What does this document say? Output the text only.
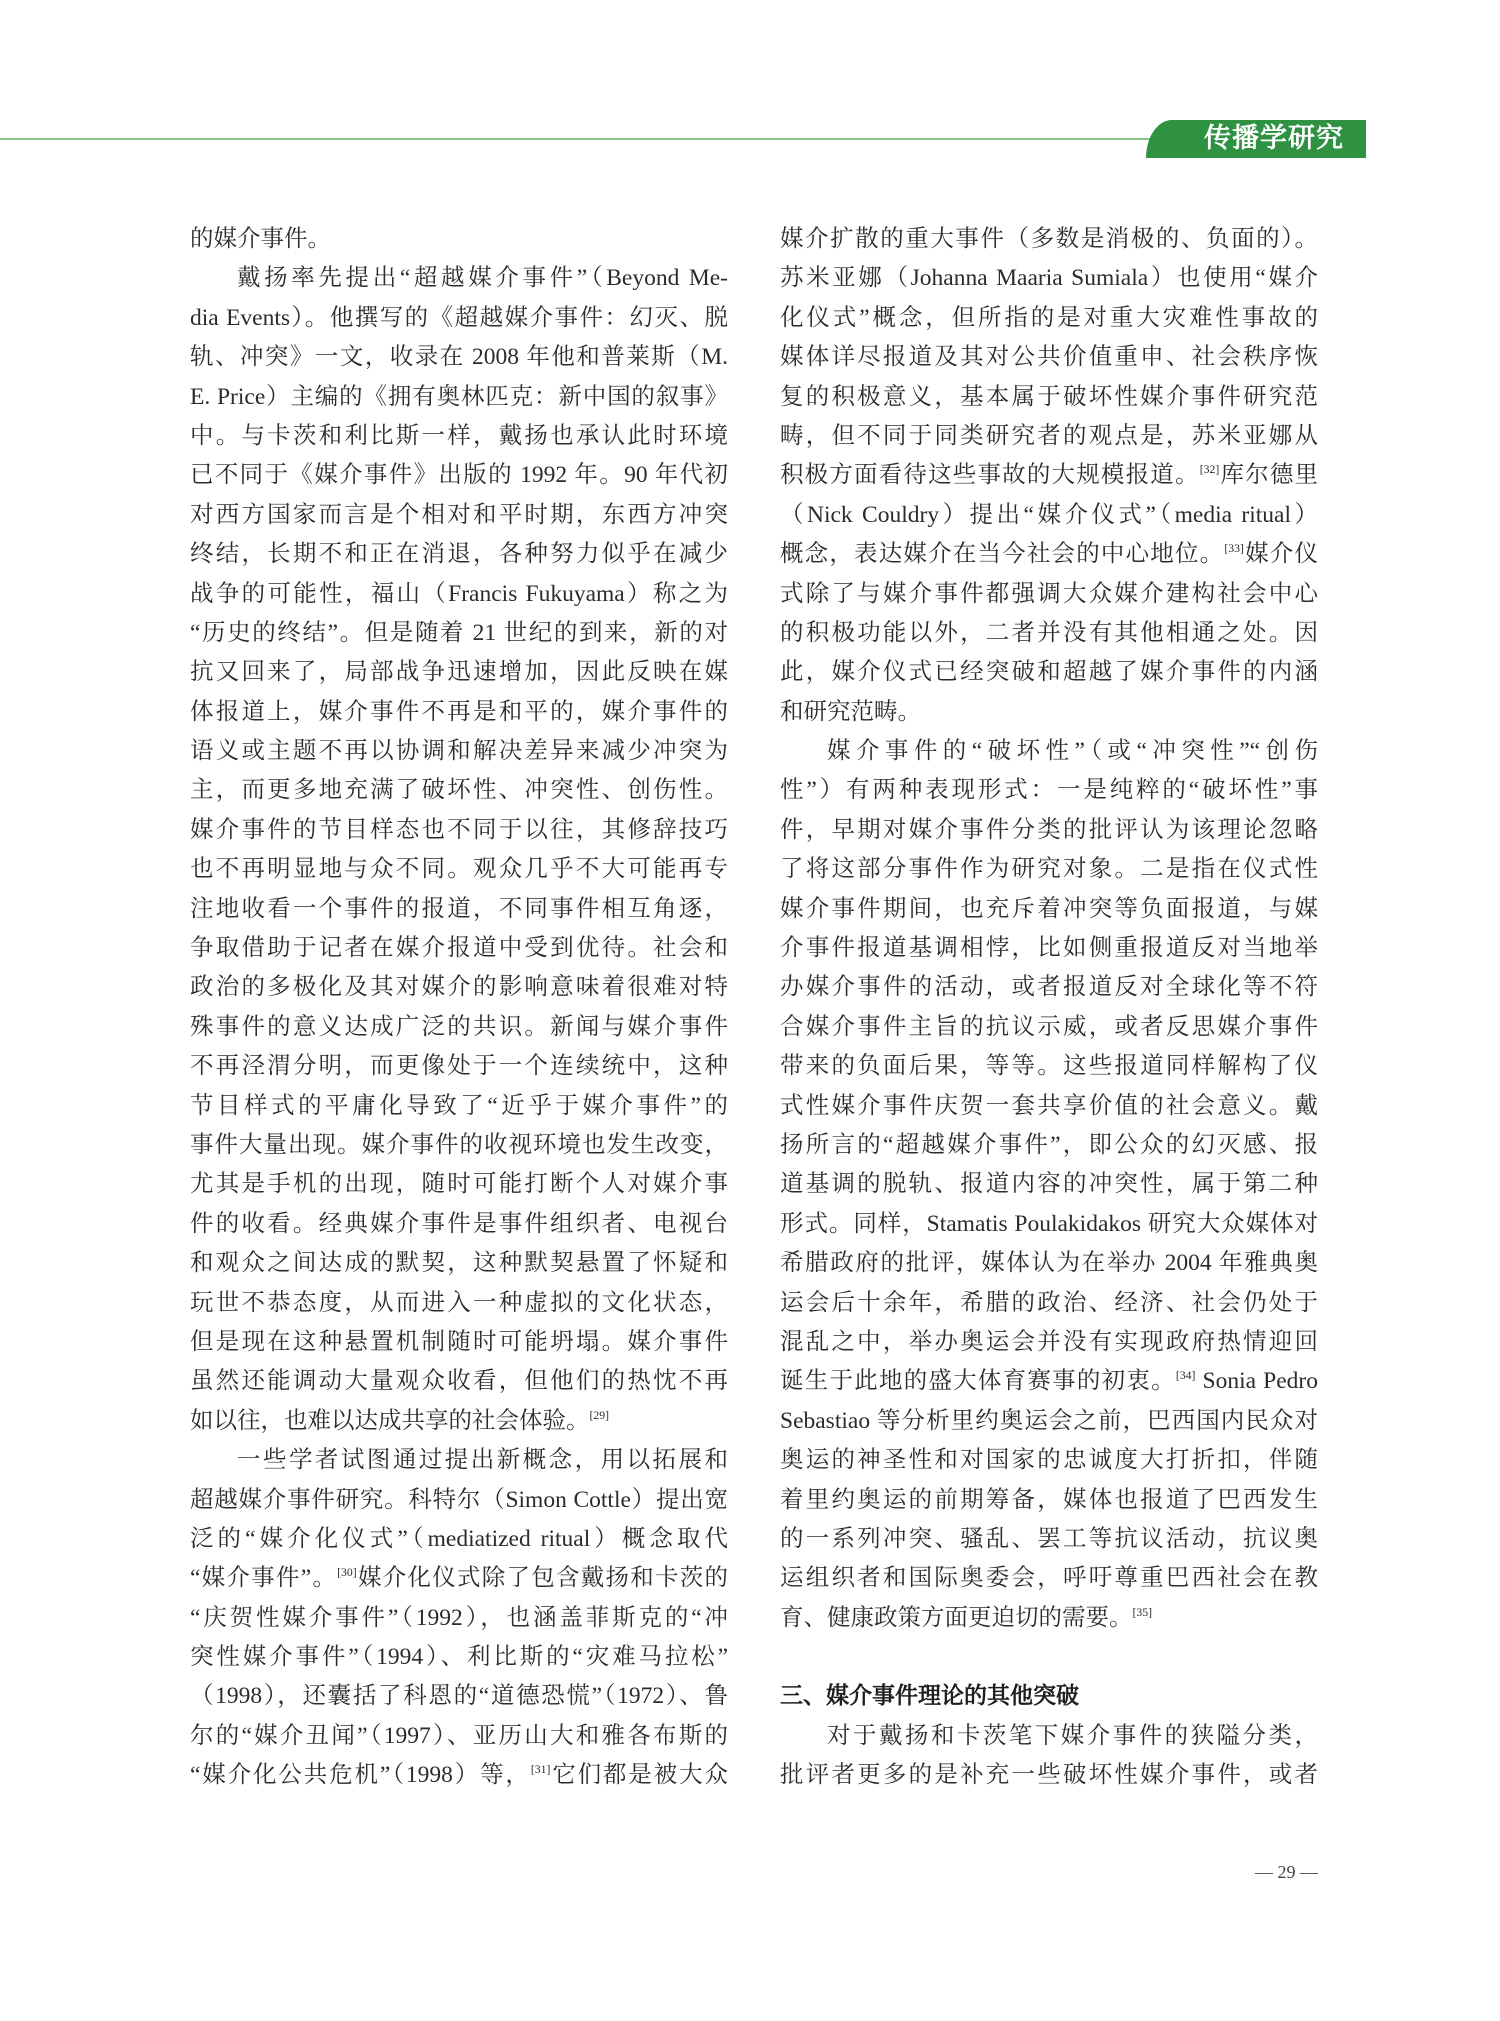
传播学研究

的媒介事件。

戴扬率先提出“超越媒介事件”（Beyond Me-
dia Events）。他撰写的《超越媒介事件：幻灭、脱
轨、冲突》一文，收录在 2008 年他和普莱斯（M.
E. Price）主编的《拥有奥林匹克：新中国的叙事》
中。与卡茨和利比斯一样，戴扬也承认此时环境
已不同于《媒介事件》出版的 1992 年。90 年代初
对西方国家而言是个相对和平时期，东西方冲突
终结，长期不和正在消退，各种努力似乎在减少
战争的可能性，福山（Francis Fukuyama）称之为
“历史的终结”。但是随着 21 世纪的到来，新的对
抗又回来了，局部战争迅速增加，因此反映在媒
体报道上，媒介事件不再是和平的，媒介事件的
语义或主题不再以协调和解决差异来减少冲突为
主，而更多地充满了破坏性、冲突性、创伤性。
媒介事件的节目样态也不同于以往，其修辞技巧
也不再明显地与众不同。观众几乎不大可能再专
注地收看一个事件的报道，不同事件相互角逐，
争取借助于记者在媒介报道中受到优待。社会和
政治的多极化及其对媒介的影响意味着很难对特
殊事件的意义达成广泛的共识。新闻与媒介事件
不再泾渭分明，而更像处于一个连续统中，这种
节目样式的平庸化导致了“近乎于媒介事件”的
事件大量出现。媒介事件的收视环境也发生改变，
尤其是手机的出现，随时可能打断个人对媒介事
件的收看。经典媒介事件是事件组织者、电视台
和观众之间达成的默契，这种默契悬置了怀疑和
玩世不恭态度，从而进入一种虚拟的文化状态，
但是现在这种悬置机制随时可能坍塌。媒介事件
虽然还能调动大量观众收看，但他们的热忱不再
如以往，也难以达成共享的社会体验。[29]

一些学者试图通过提出新概念，用以拓展和
超越媒介事件研究。科特尔（Simon Cottle）提出宽
泛的“媒介化仪式”（mediatized ritual）概念取代
“媒介事件”。[30]媒介化仪式除了包含戴扬和卡茨的
“庆贺性媒介事件”（1992），也涵盖菲斯克的“冲
突性媒介事件”（1994）、利比斯的“灾难马拉松”
（1998），还囊括了科恩的“道德恐慌”（1972）、鲁
尔的“媒介丑闻”（1997）、亚历山大和雅各布斯的
“媒介化公共危机”（1998）等，[31]它们都是被大众

媒介扩散的重大事件（多数是消极的、负面的）。
苏米亚娜（Johanna Maaria Sumiala）也使用“媒介
化仪式”概念，但所指的是对重大灾难性事故的
媒体详尽报道及其对公共价值重申、社会秩序恢
复的积极意义，基本属于破坏性媒介事件研究范
畴，但不同于同类研究者的观点是，苏米亚娜从
积极方面看待这些事故的大规模报道。[32]库尔德里
（Nick Couldry）提出“媒介仪式”（media ritual）
概念，表达媒介在当今社会的中心地位。[33]媒介仪
式除了与媒介事件都强调大众媒介建构社会中心
的积极功能以外，二者并没有其他相通之处。因
此，媒介仪式已经突破和超越了媒介事件的内涵
和研究范畴。

媒介事件的“破坏性”（或“冲突性”“创伤
性”）有两种表现形式：一是纯粹的“破坏性”事
件，早期对媒介事件分类的批评认为该理论忽略
了将这部分事件作为研究对象。二是指在仪式性
媒介事件期间，也充斥着冲突等负面报道，与媒
介事件报道基调相悖，比如侧重报道反对当地举
办媒介事件的活动，或者报道反对全球化等不符
合媒介事件主旨的抗议示威，或者反思媒介事件
带来的负面后果，等等。这些报道同样解构了仪
式性媒介事件庆贺一套共享价值的社会意义。戴
扬所言的“超越媒介事件”，即公众的幻灭感、报
道基调的脱轨、报道内容的冲突性，属于第二种
形式。同样，Stamatis Poulakidakos 研究大众媒体对
希腊政府的批评，媒体认为在举办 2004 年雅典奥
运会后十余年，希腊的政治、经济、社会仍处于
混乱之中，举办奥运会并没有实现政府热情迎回
诞生于此地的盛大体育赛事的初衷。[34] Sonia Pedro
Sebastiao 等分析里约奥运会之前，巴西国内民众对
奥运的神圣性和对国家的忠诚度大打折扣，伴随
着里约奥运的前期筹备，媒体也报道了巴西发生
的一系列冲突、骚乱、罢工等抗议活动，抗议奥
运组织者和国际奥委会，呼吁尊重巴西社会在教
育、健康政策方面更迫切的需要。[35]

三、媒介事件理论的其他突破

对于戴扬和卡茨笔下媒介事件的狭隘分类，
批评者更多的是补充一些破坏性媒介事件，或者

— 29 —
